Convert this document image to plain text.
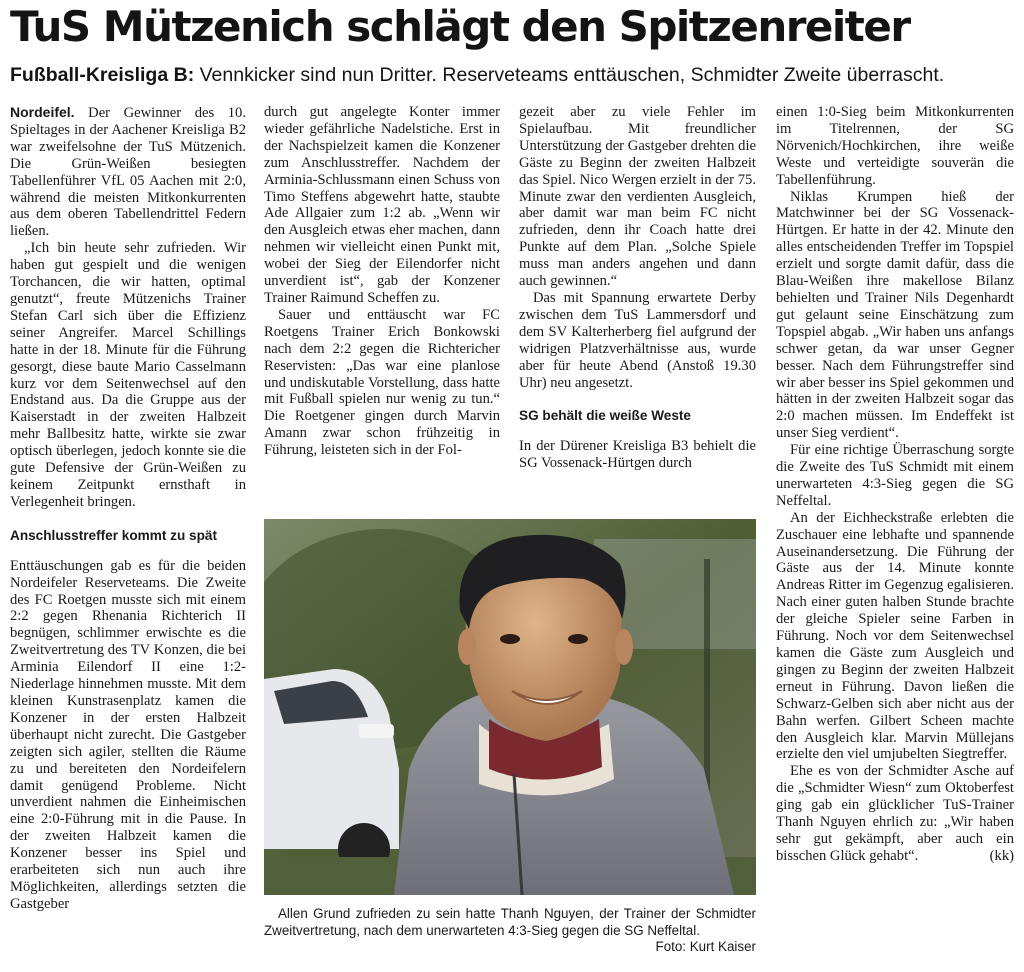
TuS Mützenich schlägt den Spitzenreiter
Fußball-Kreisliga B: Vennkicker sind nun Dritter. Reserveteams enttäuschen, Schmidter Zweite überrascht.

Nordeifel. Der Gewinner des 10. Spieltages in der Aachener Kreisliga B2 war zweifelsohne der TuS Mützenich. Die Grün-Weißen besiegten Tabellenführer VfL 05 Aachen mit 2:0, während die meisten Mitkonkurrenten aus dem oberen Tabellendrittel Federn ließen.

„Ich bin heute sehr zufrieden. Wir haben gut gespielt und die wenigen Torchancen, die wir hatten, optimal genutzt“, freute Mützenichs Trainer Stefan Carl sich über die Effizienz seiner Angreifer. Marcel Schillings hatte in der 18. Minute für die Führung gesorgt, diese baute Mario Casselmann kurz vor dem Seitenwechsel auf den Endstand aus. Da die Gruppe aus der Kaiserstadt in der zweiten Halbzeit mehr Ballbesitz hatte, wirkte sie zwar optisch überlegen, jedoch konnte sie die gute Defensive der Grün-Weißen zu keinem Zeitpunkt ernsthaft in Verlegenheit bringen.

Anschlusstreffer kommt zu spät

Enttäuschungen gab es für die beiden Nordeifeler Reserveteams. Die Zweite des FC Roetgen musste sich mit einem 2:2 gegen Rhenania Richterich II begnügen, schlimmer erwischte es die Zweitvertretung des TV Konzen, die bei Arminia Eilendorf II eine 1:2-Niederlage hinnehmen musste. Mit dem kleinen Kunstrasenplatz kamen die Konzener in der ersten Halbzeit überhaupt nicht zurecht. Die Gastgeber zeigten sich agiler, stellten die Räume zu und bereiteten den Nordeifelern damit genügend Probleme. Nicht unverdient nahmen die Einheimischen eine 2:0-Führung mit in die Pause. In der zweiten Halbzeit kamen die Konzener besser ins Spiel und erarbeiteten sich nun auch ihre Möglichkeiten, allerdings setzten die Gastgeber

durch gut angelegte Konter immer wieder gefährliche Nadelstiche. Erst in der Nachspielzeit kamen die Konzener zum Anschlusstreffer. Nachdem der Arminia-Schlussmann einen Schuss von Timo Steffens abgewehrt hatte, staubte Ade Allgaier zum 1:2 ab. „Wenn wir den Ausgleich etwas eher machen, dann nehmen wir vielleicht einen Punkt mit, wobei der Sieg der Eilendorfer nicht unverdient ist“, gab der Konzener Trainer Raimund Scheffen zu.

Sauer und enttäuscht war FC Roetgens Trainer Erich Bonkowski nach dem 2:2 gegen die Richtericher Reservisten: „Das war eine planlose und undiskutable Vorstellung, dass hatte mit Fußball spielen nur wenig zu tun.“ Die Roetgener gingen durch Marvin Amann zwar schon frühzeitig in Führung, leisteten sich in der Fol-

gezeit aber zu viele Fehler im Spielaufbau. Mit freundlicher Unterstützung der Gastgeber drehten die Gäste zu Beginn der zweiten Halbzeit das Spiel. Nico Wergen erzielt in der 75. Minute zwar den verdienten Ausgleich, aber damit war man beim FC nicht zufrieden, denn ihr Coach hatte drei Punkte auf dem Plan. „Solche Spiele muss man anders angehen und dann auch gewinnen.“

Das mit Spannung erwartete Derby zwischen dem TuS Lammersdorf und dem SV Kalterherberg fiel aufgrund der widrigen Platzverhältnisse aus, wurde aber für heute Abend (Anstoß 19.30 Uhr) neu angesetzt.

SG behält die weiße Weste

In der Dürener Kreisliga B3 behielt die SG Vossenack-Hürtgen durch

einen 1:0-Sieg beim Mitkonkurrenten im Titelrennen, der SG Nörvenich/Hochkirchen, ihre weiße Weste und verteidigte souverän die Tabellenführung.

Niklas Krumpen hieß der Matchwinner bei der SG Vossenack-Hürtgen. Er hatte in der 42. Minute den alles entscheidenden Treffer im Topspiel erzielt und sorgte damit dafür, dass die Blau-Weißen ihre makellose Bilanz behielten und Trainer Nils Degenhardt gut gelaunt seine Einschätzung zum Topspiel abgab. „Wir haben uns anfangs schwer getan, da war unser Gegner besser. Nach dem Führungstreffer sind wir aber besser ins Spiel gekommen und hätten in der zweiten Halbzeit sogar das 2:0 machen müssen. Im Endeffekt ist unser Sieg verdient“.

Für eine richtige Überraschung sorgte die Zweite des TuS Schmidt mit einem unerwarteten 4:3-Sieg gegen die SG Neffeltal.

An der Eichheckstraße erlebten die Zuschauer eine lebhafte und spannende Auseinandersetzung. Die Führung der Gäste aus der 14. Minute konnte Andreas Ritter im Gegenzug egalisieren. Nach einer guten halben Stunde brachte der gleiche Spieler seine Farben in Führung. Noch vor dem Seitenwechsel kamen die Gäste zum Ausgleich und gingen zu Beginn der zweiten Halbzeit erneut in Führung. Davon ließen die Schwarz-Gelben sich aber nicht aus der Bahn werfen. Gilbert Scheen machte den Ausgleich klar. Marvin Müllejans erzielte den viel umjubelten Siegtreffer.

Ehe es von der Schmidter Asche auf die „Schmidter Wiesn“ zum Oktoberfest ging gab ein glücklicher TuS-Trainer Thanh Nguyen ehrlich zu: „Wir haben sehr gut gekämpft, aber auch ein bisschen Glück gehabt“.	(kk)

Allen Grund zufrieden zu sein hatte Thanh Nguyen, der Trainer der Schmidter Zweitvertretung, nach dem unerwarteten 4:3-Sieg gegen die SG Neffeltal.
Foto: Kurt Kaiser
